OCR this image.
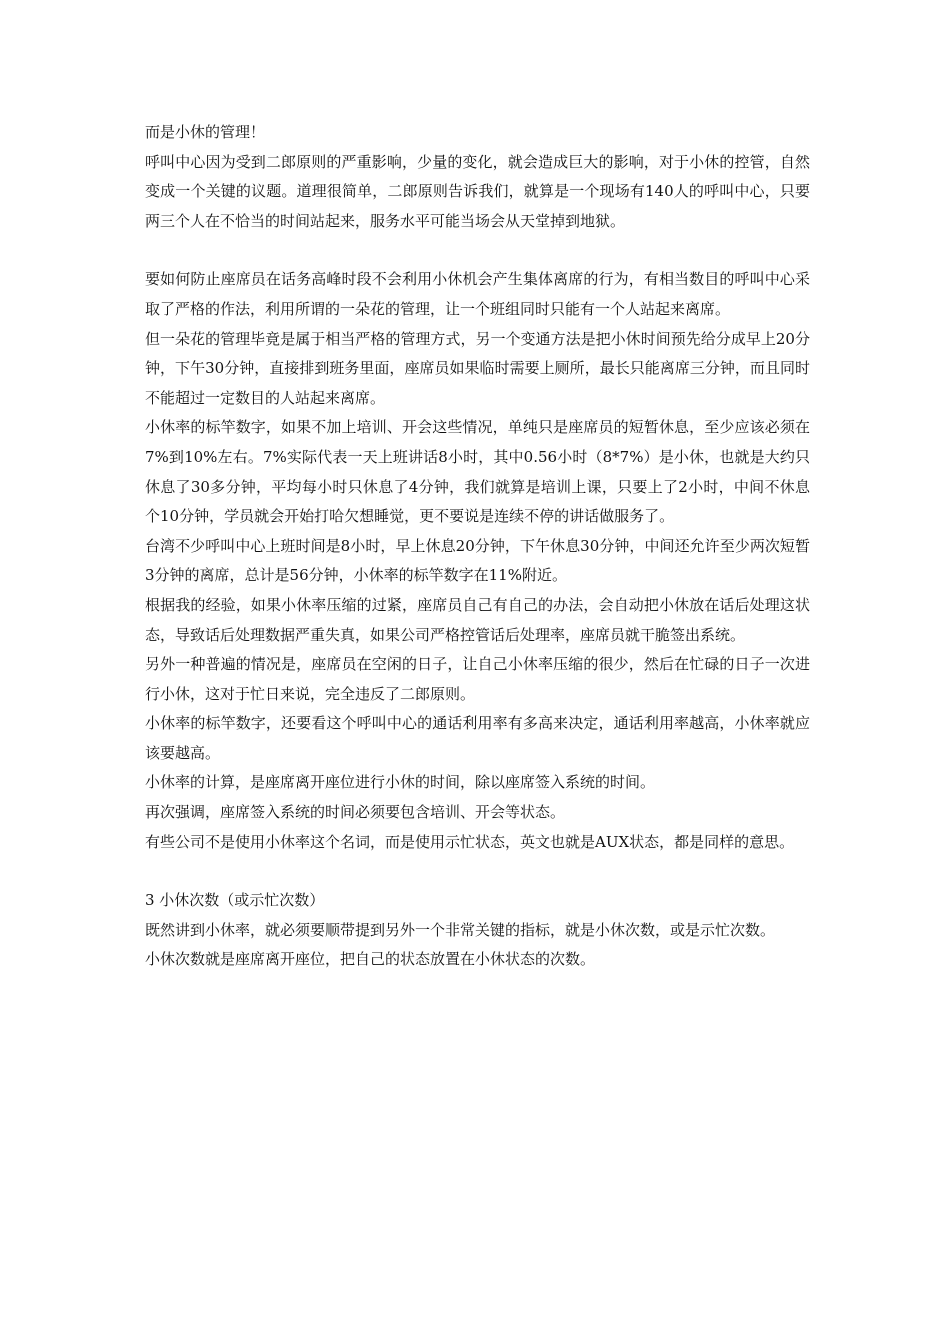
而是小休的管理！

呼叫中心因为受到二郎原则的严重影响，少量的变化，就会造成巨大的影响，对于小休的控管，自然变成一个关键的议题。道理很简单，二郎原则告诉我们，就算是一个现场有140人的呼叫中心，只要两三个人在不恰当的时间站起来，服务水平可能当场会从天堂掉到地狱。

要如何防止座席员在话务高峰时段不会利用小休机会产生集体离席的行为，有相当数目的呼叫中心采取了严格的作法，利用所谓的一朵花的管理，让一个班组同时只能有一个人站起来离席。

但一朵花的管理毕竟是属于相当严格的管理方式，另一个变通方法是把小休时间预先给分成早上20分钟，下午30分钟，直接排到班务里面，座席员如果临时需要上厕所，最长只能离席三分钟，而且同时不能超过一定数目的人站起来离席。

小休率的标竿数字，如果不加上培训、开会这些情况，单纯只是座席员的短暂休息，至少应该必须在7%到10%左右。7%实际代表一天上班讲话8小时，其中0.56小时（8*7%）是小休，也就是大约只休息了30多分钟，平均每小时只休息了4分钟，我们就算是培训上课，只要上了2小时，中间不休息个10分钟，学员就会开始打哈欠想睡觉，更不要说是连续不停的讲话做服务了。

台湾不少呼叫中心上班时间是8小时，早上休息20分钟，下午休息30分钟，中间还允许至少两次短暂3分钟的离席，总计是56分钟，小休率的标竿数字在11%附近。

根据我的经验，如果小休率压缩的过紧，座席员自己有自己的办法，会自动把小休放在话后处理这状态，导致话后处理数据严重失真，如果公司严格控管话后处理率，座席员就干脆签出系统。

另外一种普遍的情况是，座席员在空闲的日子，让自己小休率压缩的很少，然后在忙碌的日子一次进行小休，这对于忙日来说，完全违反了二郎原则。

小休率的标竿数字，还要看这个呼叫中心的通话利用率有多高来决定，通话利用率越高，小休率就应该要越高。

小休率的计算，是座席离开座位进行小休的时间，除以座席签入系统的时间。

再次强调，座席签入系统的时间必须要包含培训、开会等状态。

有些公司不是使用小休率这个名词，而是使用示忙状态，英文也就是AUX状态，都是同样的意思。

3 小休次数（或示忙次数）

既然讲到小休率，就必须要顺带提到另外一个非常关键的指标，就是小休次数，或是示忙次数。

小休次数就是座席离开座位，把自己的状态放置在小休状态的次数。
